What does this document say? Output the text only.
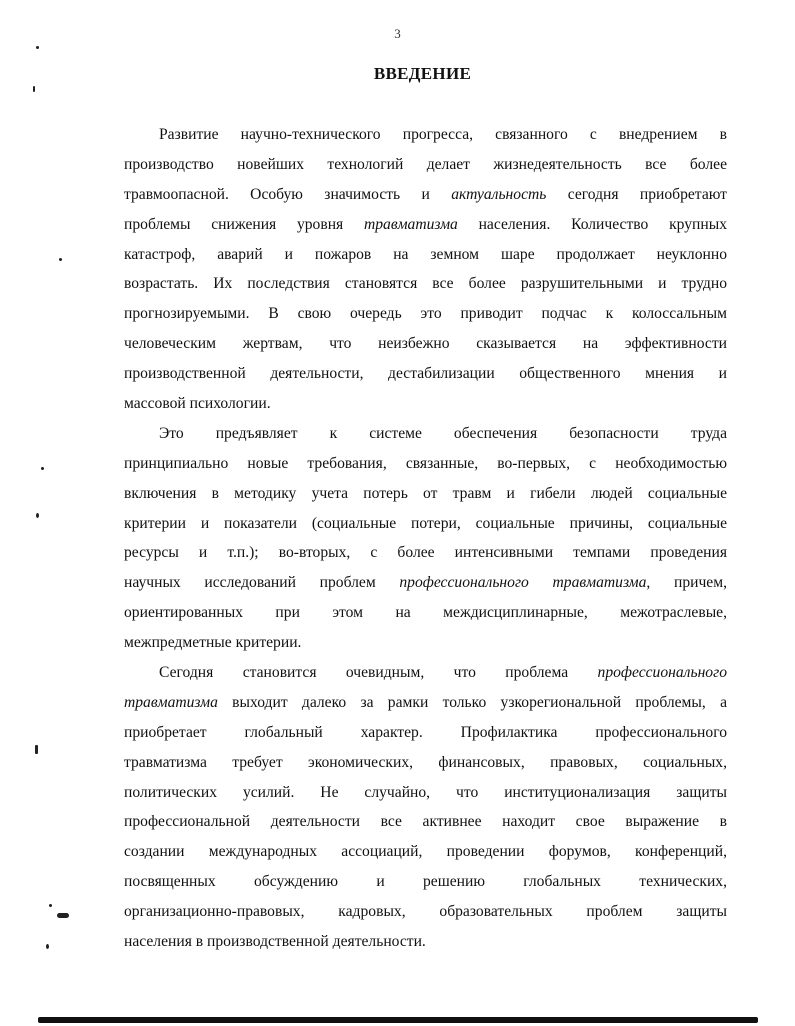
3
ВВЕДЕНИЕ
Развитие научно-технического прогресса, связанного с внедрением в
производство новейших технологий делает жизнедеятельность все более
травмоопасной. Особую значимость и актуальность сегодня приобретают
проблемы снижения уровня травматизма населения. Количество крупных
катастроф, аварий и пожаров на земном шаре продолжает неуклонно
возрастать. Их последствия становятся все более разрушительными и трудно
прогнозируемыми. В свою очередь это приводит подчас к колоссальным
человеческим жертвам, что неизбежно сказывается на эффективности
производственной деятельности, дестабилизации общественного мнения и
массовой психологии.
Это предъявляет к системе обеспечения безопасности труда
принципиально новые требования, связанные, во-первых, с необходимостью
включения в методику учета потерь от травм и гибели людей социальные
критерии и показатели (социальные потери, социальные причины, социальные
ресурсы и т.п.); во-вторых, с более интенсивными темпами проведения
научных исследований проблем профессионального травматизма, причем,
ориентированных при этом на междисциплинарные, межотраслевые,
межпредметные критерии.
Сегодня становится очевидным, что проблема профессионального
травматизма выходит далеко за рамки только узкорегиональной проблемы, а
приобретает глобальный характер. Профилактика профессионального
травматизма требует экономических, финансовых, правовых, социальных,
политических усилий. Не случайно, что институционализация защиты
профессиональной деятельности все активнее находит свое выражение в
создании международных ассоциаций, проведении форумов, конференций,
посвященных обсуждению и решению глобальных технических,
организационно-правовых, кадровых, образовательных проблем защиты
населения в производственной деятельности.
